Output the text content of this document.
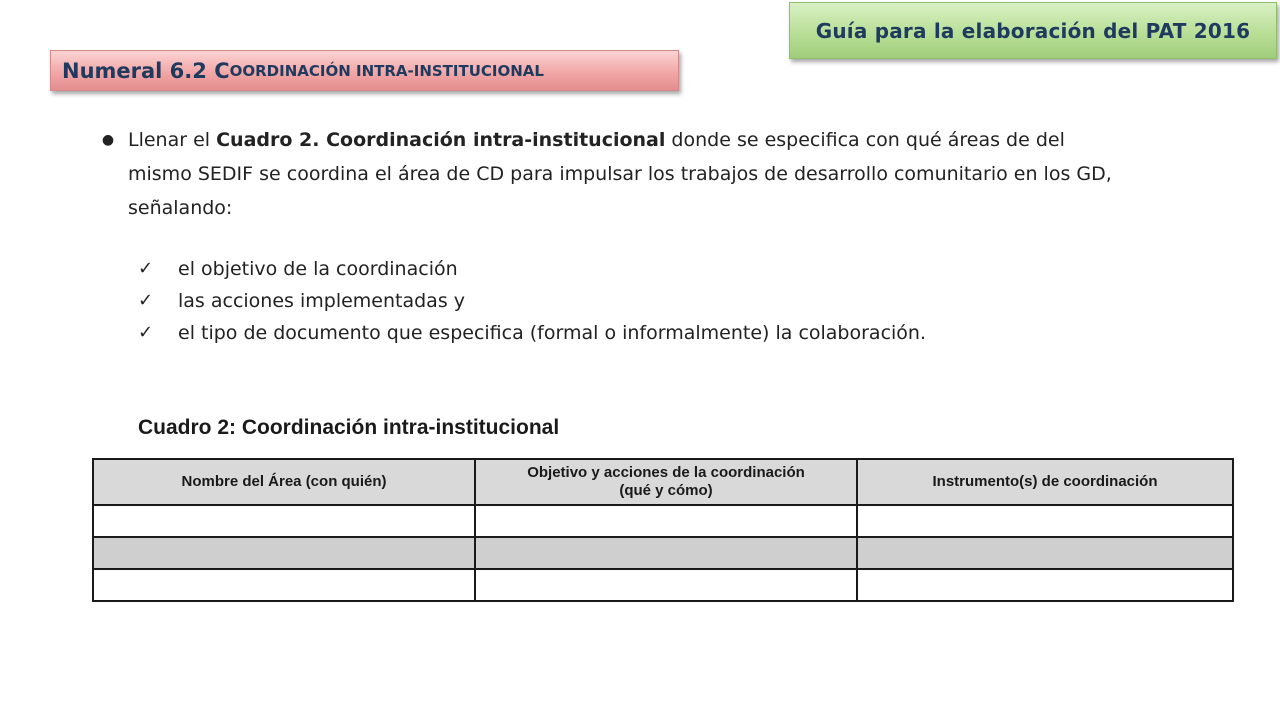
Guía para la elaboración del PAT 2016
Numeral 6.2 C OORDINACIÓN INTRA-INSTITUCIONAL
● Llenar el Cuadro 2. Coordinación intra-institucional donde se especifica con qué áreas de del mismo SEDIF se coordina el área de CD para impulsar los trabajos de desarrollo comunitario en los GD, señalando:
✓	el objetivo de la coordinación
✓	las acciones implementadas y
✓	el tipo de documento que especifica (formal o informalmente) la colaboración.
Cuadro 2: Coordinación intra-institucional
Nombre del Área (con quién)	Objetivo y acciones de la coordinación (qué y cómo)	Instrumento(s) de coordinación
